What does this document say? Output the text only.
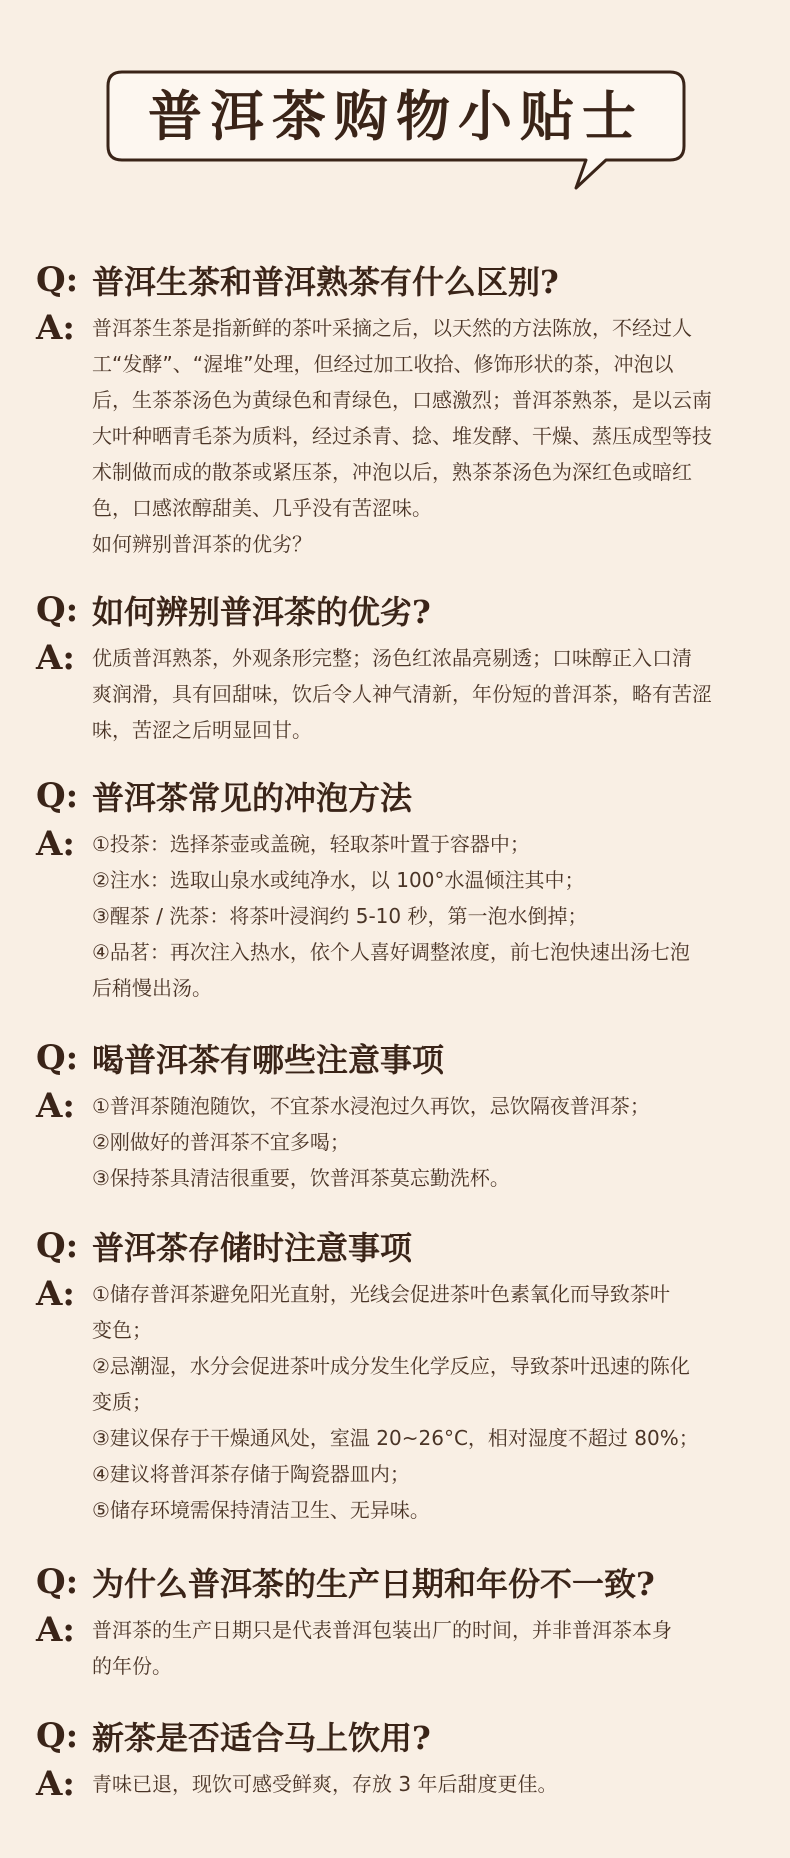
普洱茶购物小贴士
Q: 普洱生茶和普洱熟茶有什么区别?
A: 普洱茶生茶是指新鲜的茶叶采摘之后，以天然的方法陈放，不经过人
工“发酵”、“渥堆”处理，但经过加工收拾、修饰形状的茶，冲泡以
后，生茶茶汤色为黄绿色和青绿色，口感激烈；普洱茶熟茶，是以云南
大叶种晒青毛茶为质料，经过杀青、捻、堆发酵、干燥、蒸压成型等技
术制做而成的散茶或紧压茶，冲泡以后，熟茶茶汤色为深红色或暗红
色，口感浓醇甜美、几乎没有苦涩味。
如何辨别普洱茶的优劣？
Q: 如何辨别普洱茶的优劣?
A: 优质普洱熟茶，外观条形完整；汤色红浓晶亮剔透；口味醇正入口清
爽润滑，具有回甜味，饮后令人神气清新，年份短的普洱茶，略有苦涩
味，苦涩之后明显回甘。
Q: 普洱茶常见的冲泡方法
A: ①投茶：选择茶壶或盖碗，轻取茶叶置于容器中；
②注水：选取山泉水或纯净水，以 100°水温倾注其中；
③醒茶 / 洗茶：将茶叶浸润约 5-10 秒，第一泡水倒掉；
④品茗：再次注入热水，依个人喜好调整浓度，前七泡快速出汤七泡
后稍慢出汤。
Q: 喝普洱茶有哪些注意事项
A: ①普洱茶随泡随饮，不宜茶水浸泡过久再饮，忌饮隔夜普洱茶；
②刚做好的普洱茶不宜多喝；
③保持茶具清洁很重要，饮普洱茶莫忘勤洗杯。
Q: 普洱茶存储时注意事项
A: ①储存普洱茶避免阳光直射，光线会促进茶叶色素氧化而导致茶叶
变色；
②忌潮湿，水分会促进茶叶成分发生化学反应，导致茶叶迅速的陈化
变质；
③建议保存于干燥通风处，室温 20~26°C，相对湿度不超过 80%；
④建议将普洱茶存储于陶瓷器皿内；
⑤储存环境需保持清洁卫生、无异味。
Q: 为什么普洱茶的生产日期和年份不一致?
A: 普洱茶的生产日期只是代表普洱包装出厂的时间，并非普洱茶本身
的年份。
Q: 新茶是否适合马上饮用?
A: 青味已退，现饮可感受鲜爽，存放 3 年后甜度更佳。
